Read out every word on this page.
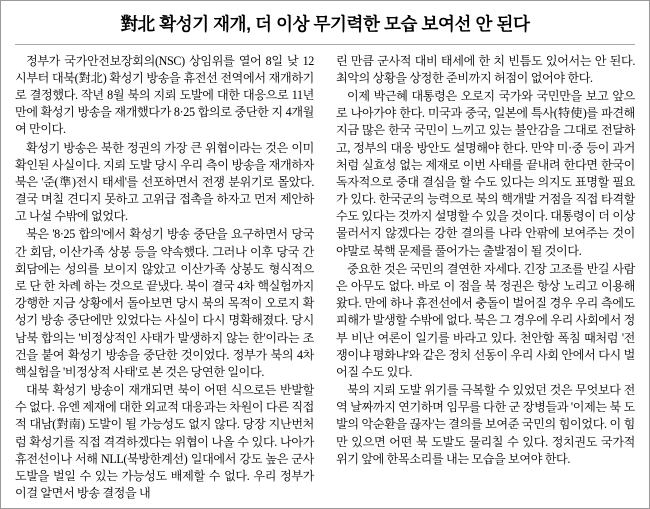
對北 확성기 재개, 더 이상 무기력한 모습 보여선 안 된다

정부가 국가안전보장회의(NSC) 상임위를 열어 8일 낮 12시부터 대북(對北) 확성기 방송을 휴전선 전역에서 재개하기로 결정했다. 작년 8월 북의 지뢰 도발에 대한 대응으로 11년 만에 확성기 방송을 재개했다가 8·25 합의로 중단한 지 4개월여 만이다.

확성기 방송은 북한 정권의 가장 큰 위협이라는 것은 이미 확인된 사실이다. 지뢰 도발 당시 우리 측이 방송을 재개하자 북은 '준(準)전시 태세'를 선포하면서 전쟁 분위기로 몰았다. 결국 며칠 견디지 못하고 고위급 접촉을 하자고 먼저 제안하고 나설 수밖에 없었다.

북은 '8·25 합의'에서 확성기 방송 중단을 요구하면서 당국 간 회담, 이산가족 상봉 등을 약속했다. 그러나 이후 당국 간 회담에는 성의를 보이지 않았고 이산가족 상봉도 형식적으로 단 한 차례 하는 것으로 끝냈다. 북이 결국 4차 핵실험까지 강행한 지금 상황에서 돌아보면 당시 북의 목적이 오로지 확성기 방송 중단에만 있었다는 사실이 다시 명확해졌다. 당시 남북 합의는 '비정상적인 사태가 발생하지 않는 한'이라는 조건을 붙여 확성기 방송을 중단한 것이었다. 정부가 북의 4차 핵실험을 '비정상적 사태'로 본 것은 당연한 일이다.

대북 확성기 방송이 재개되면 북이 어떤 식으로든 반발할 수 없다. 유엔 제재에 대한 외교적 대응과는 차원이 다른 직접적 대남(對南) 도발이 될 가능성도 없지 않다. 당장 지난번처럼 확성기를 직접 격격하겠다는 위협이 나올 수 있다. 나아가 휴전선이나 서해 NLL(북방한계선) 일대에서 강도 높은 군사 도발을 벌일 수 있는 가능성도 배제할 수 없다. 우리 정부가 이걸 알면서 방송 결정을 내

린 만큼 군사적 대비 태세에 한 치 빈틈도 있어서는 안 된다. 최악의 상황을 상정한 준비까지 허점이 없어야 한다.

이제 박근혜 대통령은 오로지 국가와 국민만을 보고 앞으로 나아가야 한다. 미국과 중국, 일본에 특사(特使)를 파견해 지금 많은 한국 국민이 느끼고 있는 불안감을 그대로 전달하고, 정부의 대응 방안도 설명해야 한다. 만약 미·중 등이 과거처럼 실효성 없는 제재로 이번 사태를 끝내려 한다면 한국이 독자적으로 중대 결심을 할 수도 있다는 의지도 표명할 필요가 있다. 한국군의 능력으로 북의 핵개발 거점을 직접 타격할 수도 있다는 것까지 설명할 수 있을 것이다. 대통령이 더 이상 물러서지 않겠다는 강한 결의를 나라 안팎에 보여주는 것이야말로 북핵 문제를 풀어가는 출발점이 될 것이다.

중요한 것은 국민의 결연한 자세다. 긴장 고조를 반길 사람은 아무도 없다. 바로 이 점을 북 정권은 항상 노리고 이용해 왔다. 만에 하나 휴전선에서 충돌이 벌어질 경우 우리 측에도 피해가 발생할 수밖에 없다. 북은 그 경우에 우리 사회에서 정부 비난 여론이 일기를 바라고 있다. 천안함 폭침 때처럼 '전쟁이냐 평화냐'와 같은 정치 선동이 우리 사회 안에서 다시 벌어질 수도 있다.

북의 지뢰 도발 위기를 극복할 수 있었던 것은 무엇보다 전역 날짜까지 연기하며 임무를 다한 군 장병들과 '이제는 북 도발의 악순환을 끊자'는 결의를 보여준 국민의 힘이었다. 이 힘만 있으면 어떤 북 도발도 물리칠 수 있다. 정치권도 국가적 위기 앞에 한목소리를 내는 모습을 보여야 한다.
